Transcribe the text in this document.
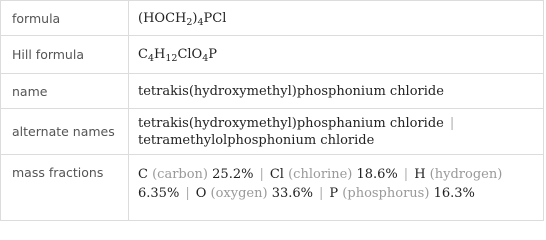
formula	$(HOCH_2)_4PCl$
Hill formula	$C_4H_{12}ClO_4P$
name	tetrakis(hydroxymethyl)phosphonium chloride
alternate names	tetrakis(hydroxymethyl)phosphanium chloride |
tetramethylolphosphonium chloride
mass fractions	C (carbon) 25.2% | Cl (chlorine) 18.6% | H (hydrogen)
6.35% | O (oxygen) 33.6% | P (phosphorus) 16.3%
